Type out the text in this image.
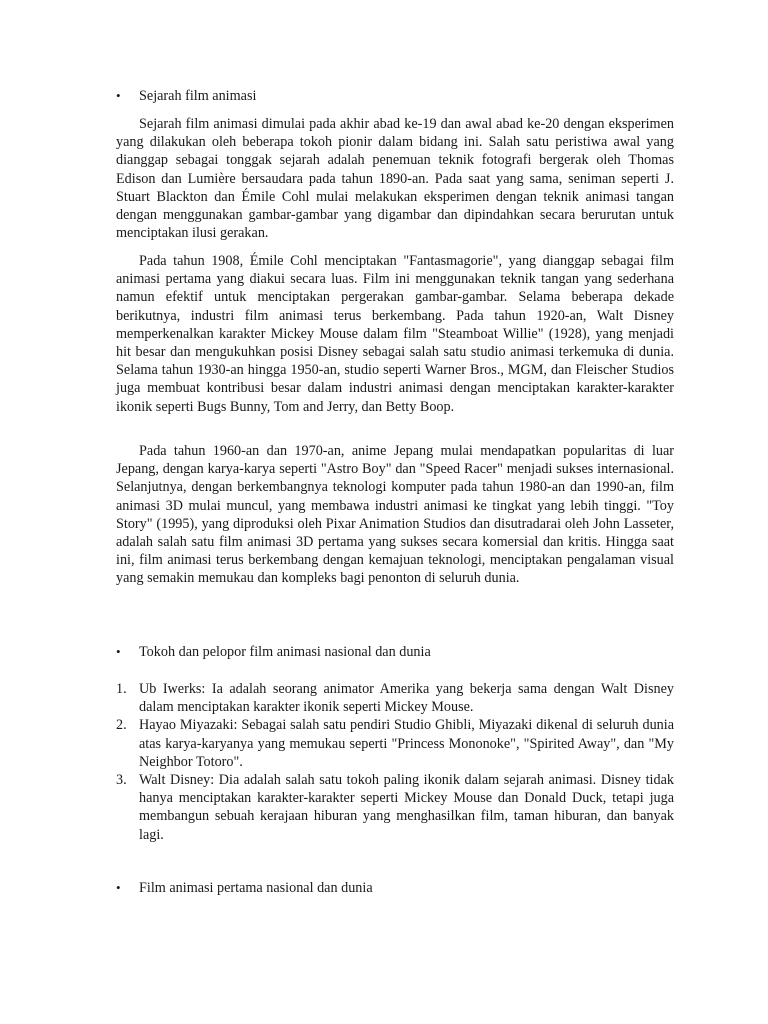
•	Sejarah film animasi

Sejarah film animasi dimulai pada akhir abad ke-19 dan awal abad ke-20 dengan eksperimen yang dilakukan oleh beberapa tokoh pionir dalam bidang ini. Salah satu peristiwa awal yang dianggap sebagai tonggak sejarah adalah penemuan teknik fotografi bergerak oleh Thomas Edison dan Lumière bersaudara pada tahun 1890-an. Pada saat yang sama, seniman seperti J. Stuart Blackton dan Émile Cohl mulai melakukan eksperimen dengan teknik animasi tangan dengan menggunakan gambar-gambar yang digambar dan dipindahkan secara berurutan untuk menciptakan ilusi gerakan.

Pada tahun 1908, Émile Cohl menciptakan "Fantasmagorie", yang dianggap sebagai film animasi pertama yang diakui secara luas. Film ini menggunakan teknik tangan yang sederhana namun efektif untuk menciptakan pergerakan gambar-gambar. Selama beberapa dekade berikutnya, industri film animasi terus berkembang. Pada tahun 1920-an, Walt Disney memperkenalkan karakter Mickey Mouse dalam film "Steamboat Willie" (1928), yang menjadi hit besar dan mengukuhkan posisi Disney sebagai salah satu studio animasi terkemuka di dunia. Selama tahun 1930-an hingga 1950-an, studio seperti Warner Bros., MGM, dan Fleischer Studios juga membuat kontribusi besar dalam industri animasi dengan menciptakan karakter-karakter ikonik seperti Bugs Bunny, Tom and Jerry, dan Betty Boop.

Pada tahun 1960-an dan 1970-an, anime Jepang mulai mendapatkan popularitas di luar Jepang, dengan karya-karya seperti "Astro Boy" dan "Speed Racer" menjadi sukses internasional. Selanjutnya, dengan berkembangnya teknologi komputer pada tahun 1980-an dan 1990-an, film animasi 3D mulai muncul, yang membawa industri animasi ke tingkat yang lebih tinggi. "Toy Story" (1995), yang diproduksi oleh Pixar Animation Studios dan disutradarai oleh John Lasseter, adalah salah satu film animasi 3D pertama yang sukses secara komersial dan kritis. Hingga saat ini, film animasi terus berkembang dengan kemajuan teknologi, menciptakan pengalaman visual yang semakin memukau dan kompleks bagi penonton di seluruh dunia.

•	Tokoh dan pelopor film animasi nasional dan dunia
1. Ub Iwerks: Ia adalah seorang animator Amerika yang bekerja sama dengan Walt Disney dalam menciptakan karakter ikonik seperti Mickey Mouse.
2. Hayao Miyazaki: Sebagai salah satu pendiri Studio Ghibli, Miyazaki dikenal di seluruh dunia atas karya-karyanya yang memukau seperti "Princess Mononoke", "Spirited Away", dan "My Neighbor Totoro".
3. Walt Disney: Dia adalah salah satu tokoh paling ikonik dalam sejarah animasi. Disney tidak hanya menciptakan karakter-karakter seperti Mickey Mouse dan Donald Duck, tetapi juga membangun sebuah kerajaan hiburan yang menghasilkan film, taman hiburan, dan banyak lagi.
•	Film animasi pertama nasional dan dunia
